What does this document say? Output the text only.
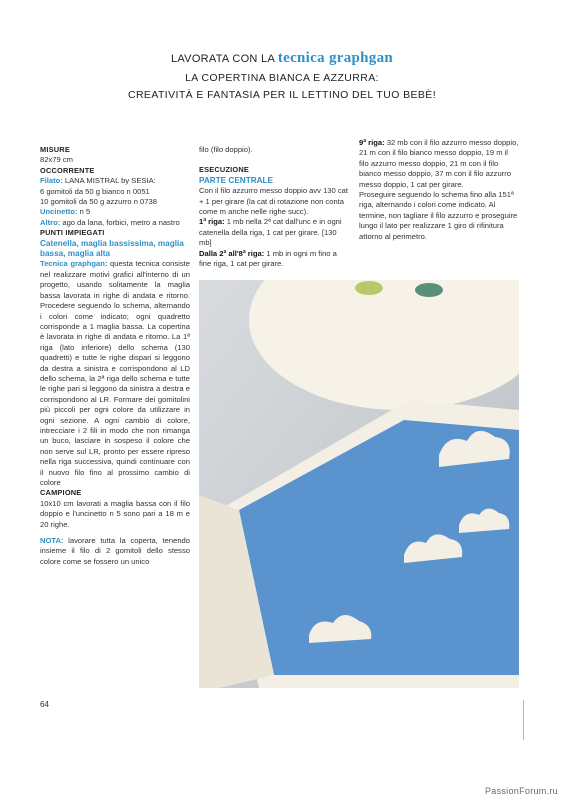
LAVORATA CON LA tecnica graphgan
LA COPERTINA BIANCA E AZZURRA:
CREATIVITÀ E FANTASIA PER IL LETTINO DEL TUO BEBÈ!

MISURE

82x79 cm

OCCORRENTE

Filato: LANA MISTRAL by SESIA:

6 gomitoli da 50 g bianco n 0051

10 gomitoli da 50 g azzurro n 0738

Uncinetto: n 5

Altro: ago da lana, forbici, metro a nastro

PUNTI IMPIEGATI

Catenella, maglia bassissima, maglia bassa, maglia alta

Tecnica graphgan: questa tecnica consiste nel realizzare motivi grafici all'interno di un progetto, usando solitamente la maglia bassa lavorata in righe di andata e ritorno. Procedere seguendo lo schema, alternando i colori come indicato; ogni quadretto corrisponde a 1 maglia bassa. La copertina è lavorata in righe di andata e ritorno. La 1ª riga (lato inferiore) dello schema (130 quadretti) e tutte le righe dispari si leggono da destra a sinistra e corrispondono al LD dello schema, la 2ª riga dello schema e tutte le righe pari si leggono da sinistra a destra e corrispondono al LR. Formare dei gomitolini più piccoli per ogni colore da utilizzare in ogni sezione. A ogni cambio di colore, intrecciare i 2 fili in modo che non rimanga un buco, lasciare in sospeso il colore che non serve sul LR, pronto per essere ripreso nella riga successiva, quindi continuare con il nuovo filo fino al prossimo cambio di colore

CAMPIONE

10x10 cm lavorati a maglia bassa con il filo doppio e l'uncinetto n 5 sono pari a 18 m e 20 righe.

NOTA: lavorare tutta la coperta, tenendo insieme il filo di 2 gomitoli dello stesso colore come se fossero un unico

filo (filo doppio).

ESECUZIONE

PARTE CENTRALE

Con il filo azzurro messo doppio avv 130 cat + 1 per girare (la cat di rotazione non conta come m anche nelle righe succ).

1ª riga: 1 mb nella 2ª cat dall'unc e in ogni catenella della riga, 1 cat per girare. [130 mb]

Dalla 2ª all'8ª riga: 1 mb in ogni m fino a fine riga, 1 cat per girare.

9ª riga: 32 mb con il filo azzurro messo doppio, 21 m con il filo bianco messo doppio, 19 m il filo azzurro messo doppio, 21 m con il filo bianco messo doppio, 37 m con il filo azzurro messo doppio, 1 cat per girare.

Proseguire seguendo lo schema fino alla 151ª riga, alternando i colori come indicato. Al termine, non tagliare il filo azzurro e proseguire lungo il lato per realizzare 1 giro di rifinitura attorno al perimetro.

64
PassionForum.ru
